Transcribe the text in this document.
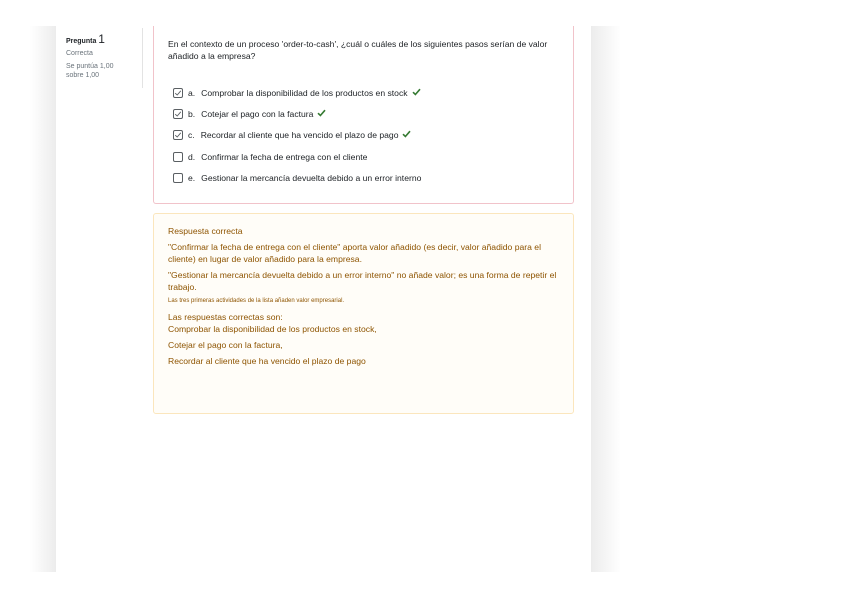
Pregunta 1
Correcta
Se puntúa 1,00
sobre 1,00
En el contexto de un proceso 'order-to-cash', ¿cuál o cuáles de los siguientes pasos serían de valor añadido a la empresa?
a. Comprobar la disponibilidad de los productos en stock
b. Cotejar el pago con la factura
c. Recordar al cliente que ha vencido el plazo de pago
d. Confirmar la fecha de entrega con el cliente
e. Gestionar la mercancía devuelta debido a un error interno
Respuesta correcta
"Confirmar la fecha de entrega con el cliente" aporta valor añadido (es decir, valor añadido para el cliente) en lugar de valor añadido para la empresa.
"Gestionar la mercancía devuelta debido a un error interno" no añade valor; es una forma de repetir el trabajo.
Las tres primeras actividades de la lista añaden valor empresarial.
Las respuestas correctas son:
Comprobar la disponibilidad de los productos en stock,
Cotejar el pago con la factura,
Recordar al cliente que ha vencido el plazo de pago
